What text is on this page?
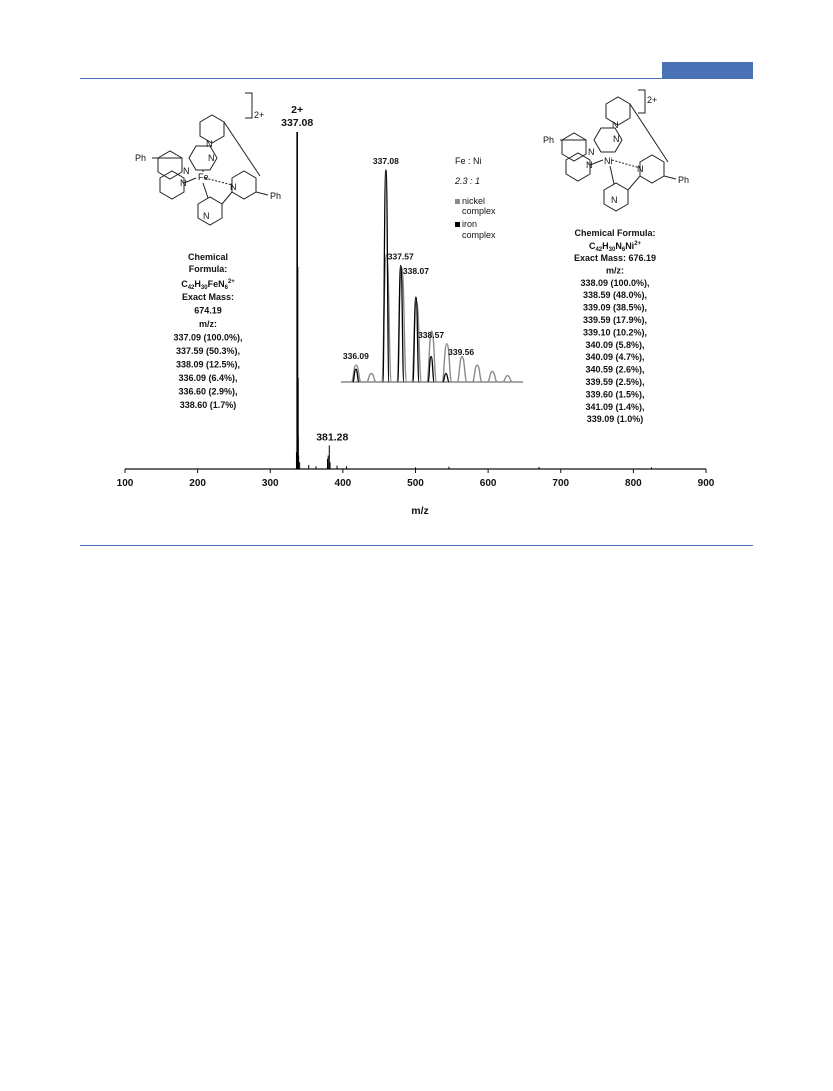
100	200	300	400	500	600	700	800	900
m/z
2+
337.08
381.28
337.08
337.57
338.07
338.57
336.09	339.56
Fe : Ni
2.3 : 1
nickel
complex
iron
complex
2+
Ph
Ph
N
N
N
N	N
N
Fe
Chemical
Formula:
$C_{42}H_{30}FeN_6^{2+}$
Exact Mass:
674.19
m/z:
337.09 (100.0%),
337.59 (50.3%),
338.09 (12.5%),
336.09 (6.4%),
336.60 (2.9%),
338.60 (1.7%)
2+
Ph
Ph
N
N
N
N	N
N
Ni
Chemical Formula:
$C_{42}H_{30}N_6Ni^{2+}$
Exact Mass: 676.19
m/z:
338.09 (100.0%),
338.59 (48.0%),
339.09 (38.5%),
339.59 (17.9%),
339.10 (10.2%),
340.09 (5.8%),
340.09 (4.7%),
340.59 (2.6%),
339.59 (2.5%),
339.60 (1.5%),
341.09 (1.4%),
339.09 (1.0%)
